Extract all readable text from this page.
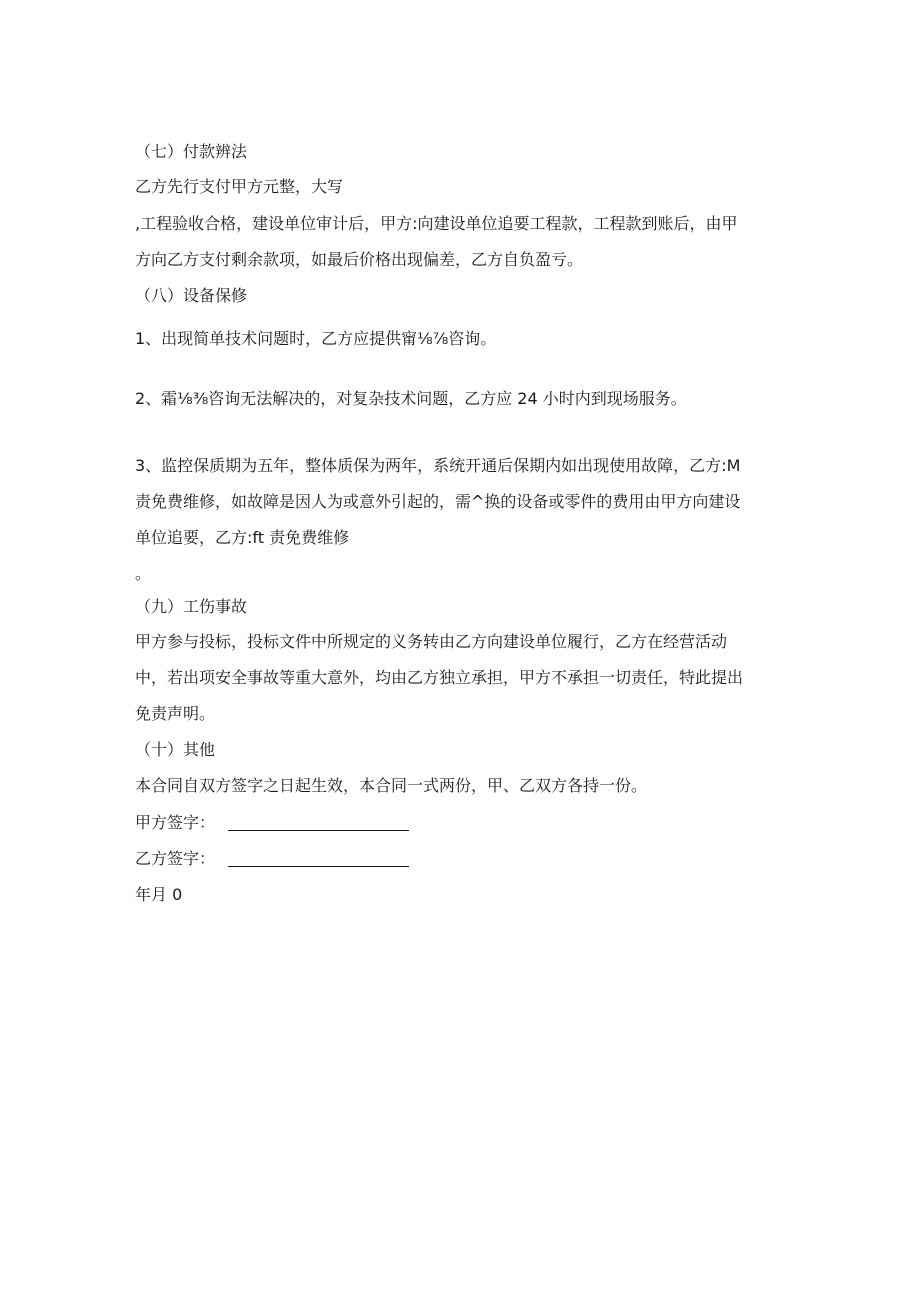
（七）付款辨法
乙方先行支付甲方元整，大写
,工程验收合格，建设单位审计后，甲方:向建设单位追要工程款，工程款到账后，由甲
方向乙方支付剩余款项，如最后价格出现偏差，乙方自负盈亏。
（八）设备保修
1、出现简单技术问题时，乙方应提供甯⅛⅞咨询。
2、霜⅛⅜咨询无法解决的，对复杂技术问题，乙方应 24 小时内到现场服务。
3、监控保质期为五年，整体质保为两年，系统开通后保期内如出现使用故障，乙方:M
责免费维修，如故障是因人为或意外引起的，需^换的设备或零件的费用由甲方向建设
单位追要，乙方:ft 责免费维修
。
（九）工伤事故
甲方参与投标，投标文件中所规定的义务转由乙方向建设单位履行，乙方在经营活动
中，若出项安全事故等重大意外，均由乙方独立承担，甲方不承担一切责任，特此提出
免责声明。
（十）其他
本合同自双方签字之日起生效，本合同一式两份，甲、乙双方各持一份。
甲方签字：
乙方签字：
年月 0
